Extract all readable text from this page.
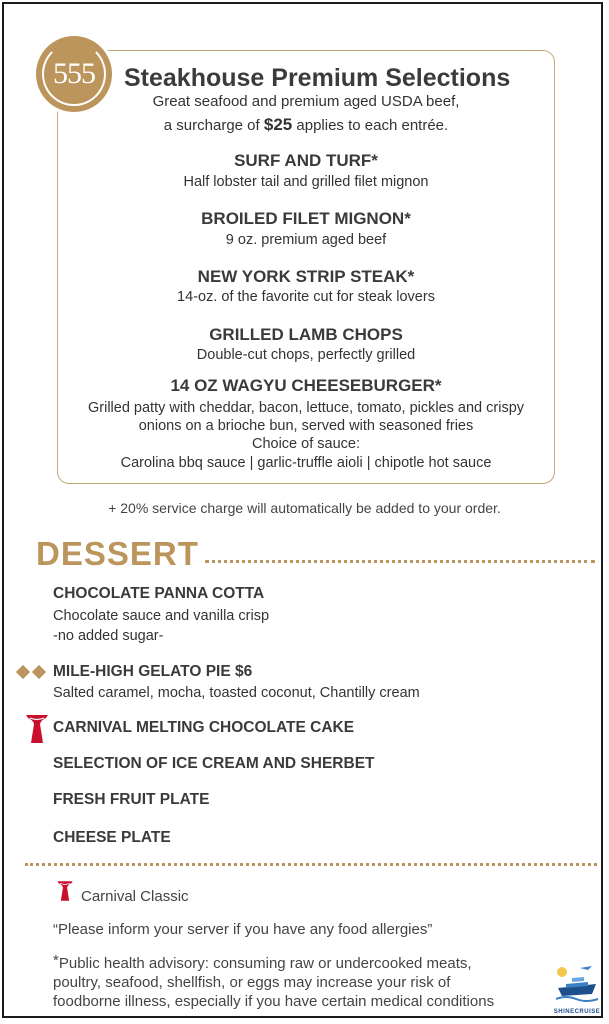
555 Steakhouse Premium Selections
Great seafood and premium aged USDA beef,
a surcharge of $25 applies to each entrée.
SURF AND TURF*
Half lobster tail and grilled filet mignon
BROILED FILET MIGNON*
9 oz. premium aged beef
NEW YORK STRIP STEAK*
14-oz. of the favorite cut for steak lovers
GRILLED LAMB CHOPS
Double-cut chops, perfectly grilled
14 OZ WAGYU CHEESEBURGER*
Grilled patty with cheddar, bacon, lettuce, tomato, pickles and crispy
onions on a brioche bun, served with seasoned fries
Choice of sauce:
Carolina bbq sauce | garlic-truffle aioli | chipotle hot sauce
+ 20% service charge will automatically be added to your order.
DESSERT
CHOCOLATE PANNA COTTA
Chocolate sauce and vanilla crisp
-no added sugar-
MILE-HIGH GELATO PIE $6
Salted caramel, mocha, toasted coconut, Chantilly cream
CARNIVAL MELTING CHOCOLATE CAKE
SELECTION OF ICE CREAM AND SHERBET
FRESH FRUIT PLATE
CHEESE PLATE
Carnival Classic
“Please inform your server if you have any food allergies”
*Public health advisory: consuming raw or undercooked meats,
poultry, seafood, shellfish, or eggs may increase your risk of
foodborne illness, especially if you have certain medical conditions
SHINECRUISE
